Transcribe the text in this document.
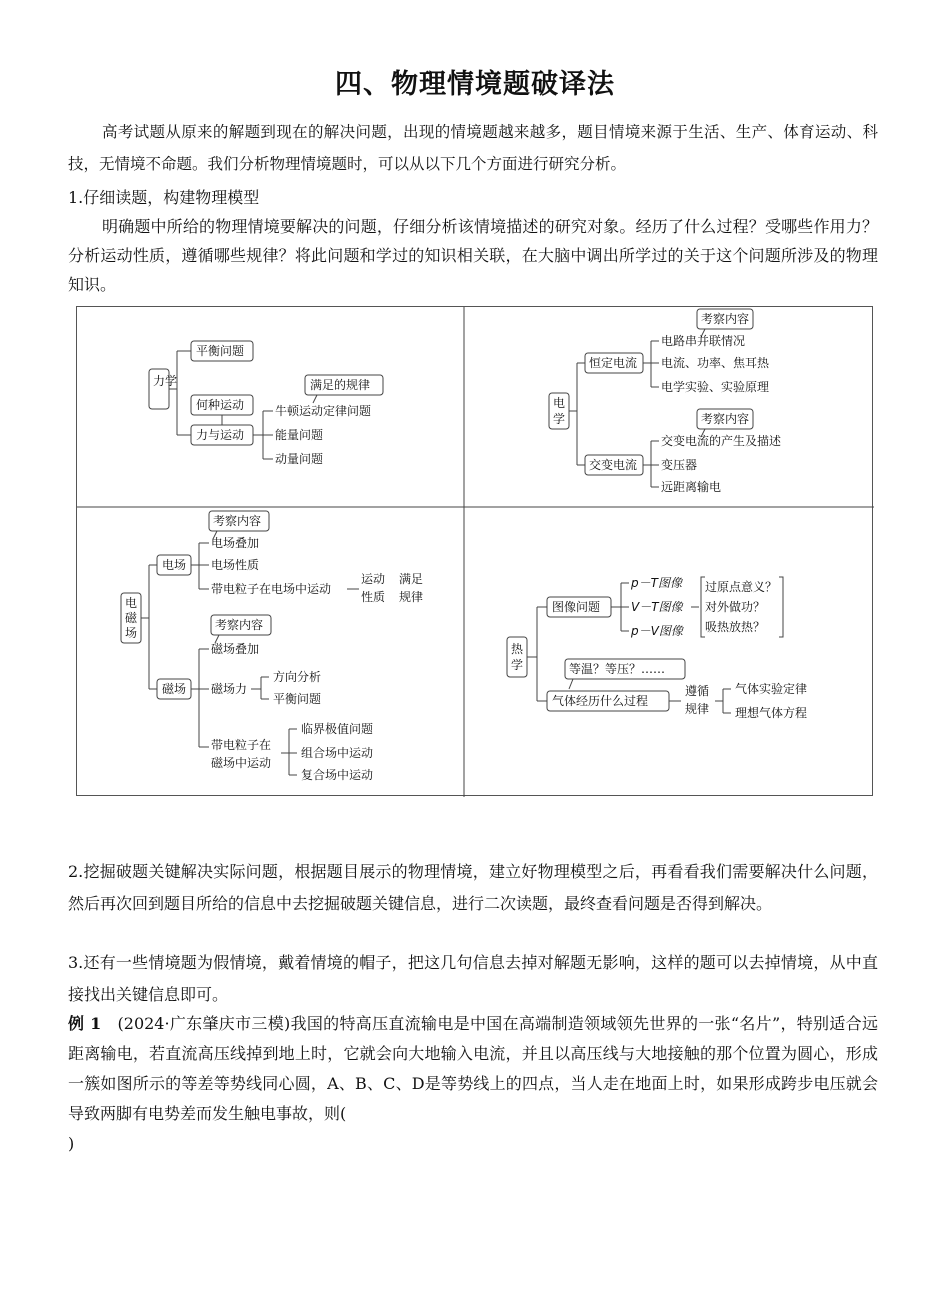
四、物理情境题破译法
高考试题从原来的解题到现在的解决问题，出现的情境题越来越多，题目情境来源于生活、生产、体育运动、科技，无情境不命题。我们分析物理情境题时，可以从以下几个方面进行研究分析。
1.仔细读题，构建物理模型
明确题中所给的物理情境要解决的问题，仔细分析该情境描述的研究对象。经历了什么过程？受哪些作用力？分析运动性质，遵循哪些规律？将此问题和学过的知识相关联，在大脑中调出所学过的关于这个问题所涉及的物理知识。
力学
平衡问题
何种运动
力与运动
满足的规律
牛顿运动定律问题
能量问题
动量问题
电
学
恒定电流
考察内容
电路串并联情况
电流、功率、焦耳热
电学实验、实验原理
交变电流
考察内容
交变电流的产生及描述
变压器
远距离输电
电
磁
场
考察内容
电场
电场叠加
电场性质
带电粒子在电场中运动
运动
性质
满足
规律
考察内容
磁场
磁场叠加
磁场力
方向分析
平衡问题
带电粒子在
磁场中运动
临界极值问题
组合场中运动
复合场中运动
热
学
图像问题
p－T图像
V－T图像
p－V图像
过原点意义？
对外做功？
吸热放热？
等温？等压？……
气体经历什么过程
遵循
规律
气体实验定律
理想气体方程
2.挖掘破题关键解决实际问题，根据题目展示的物理情境，建立好物理模型之后，再看看我们需要解决什么问题，然后再次回到题目所给的信息中去挖掘破题关键信息，进行二次读题，最终查看问题是否得到解决。
3.还有一些情境题为假情境，戴着情境的帽子，把这几句信息去掉对解题无影响，这样的题可以去掉情境，从中直接找出关键信息即可。
例 1 (2024·广东肇庆市三模)我国的特高压直流输电是中国在高端制造领域领先世界的一张“名片”，特别适合远距离输电，若直流高压线掉到地上时，它就会向大地输入电流，并且以高压线与大地接触的那个位置为圆心，形成一簇如图所示的等差等势线同心圆，A、B、C、D是等势线上的四点，当人走在地面上时，如果形成跨步电压就会导致两脚有电势差而发生触电事故，则(
)
